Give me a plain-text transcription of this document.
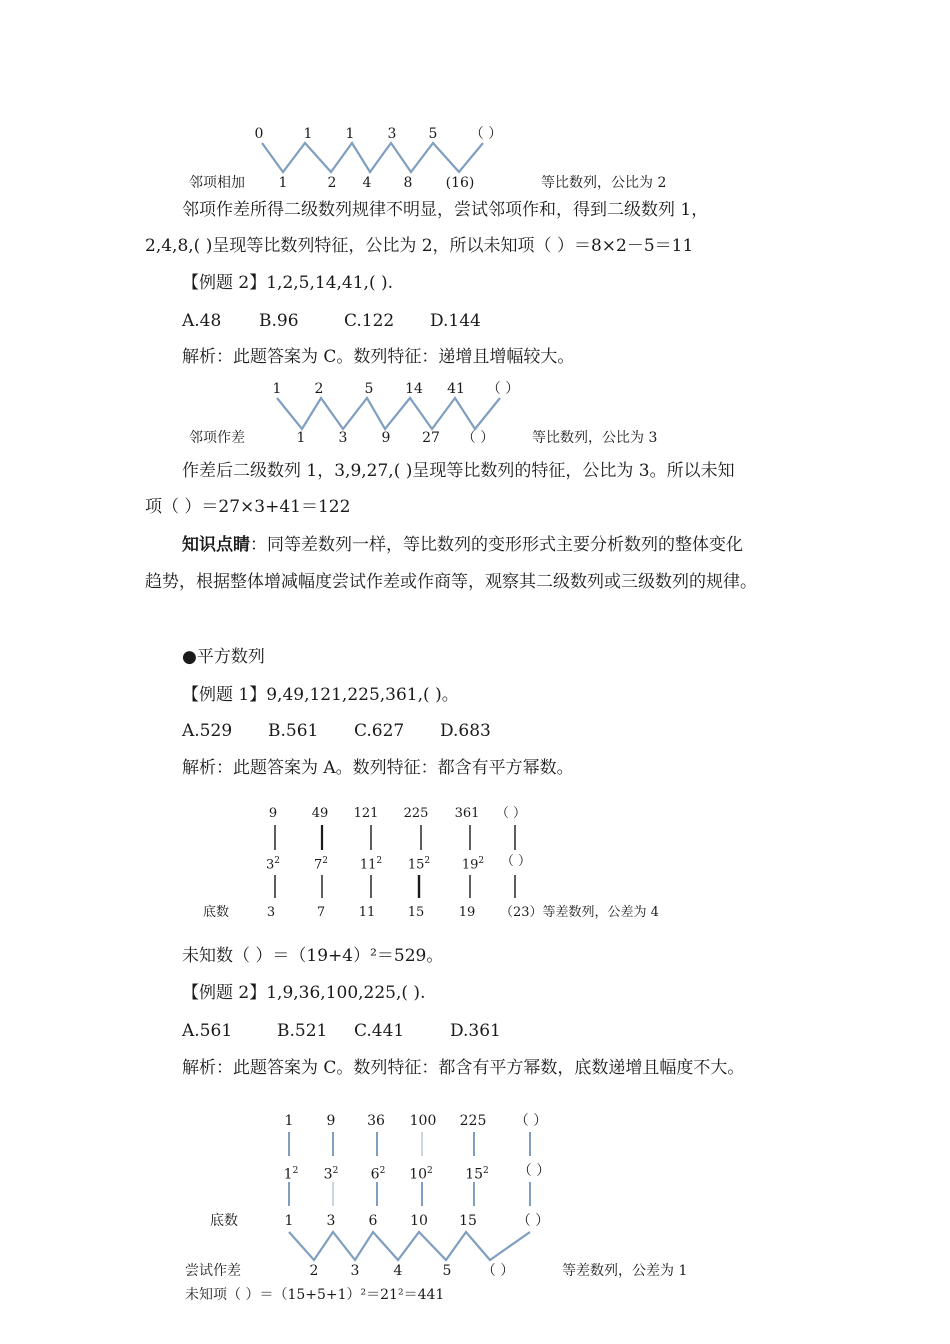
0	1 1 3 5 （ ）
邻项相加 1	2 4 8 (16)	等比数列，公比为 2
邻项作差所得二级数列规律不明显，尝试邻项作和，得到二级数列 1，
2,4,8,( )呈现等比数列特征，公比为 2，所以未知项（ ）＝8×2－5＝11
【例题 2】1,2,5,14,41,( ).
A.48 B.96	C.122 D.144
解析：此题答案为 C。数列特征：递增且增幅较大。
1 2	5 14 41 （ ）
邻项作差	1 3 9 27 （ ）	等比数列，公比为 3
作差后二级数列 1，3,9,27,( )呈现等比数列的特征，公比为 3。所以未知
项（ ）＝27×3+41＝122
知识点睛：同等差数列一样，等比数列的变形形式主要分析数列的整体变化
趋势，根据整体增减幅度尝试作差或作商等，观察其二级数列或三级数列的规律。
●平方数列
【例题 1】9,49,121,225,361,( )。
A.529 B.561 C.627 D.683
解析：此题答案为 A。数列特征：都含有平方幂数。
9	49 121 225 361 （ ）
$3^2$	$7^2$ $11^2$ $15^2$ $19^2$ （ ）
底数	3	7	11 15	19 （23）等差数列，公差为 4
未知数（ ）＝（19+4）²＝529。
【例题 2】1,9,36,100,225,( ).
A.561	B.521 C.441	D.361
解析：此题答案为 C。数列特征：都含有平方幂数，底数递增且幅度不大。
1 9 36 100 225 （ ）
$1^2$ $3^2$ $6^2$ $10^2$ $15^2$ （ ）
底数	1 3 6 10 15	（ ）
尝试作差	2 3 4	5 （ ）	等差数列，公差为 1
未知项（ ）＝（15+5+1）²＝21²＝441
